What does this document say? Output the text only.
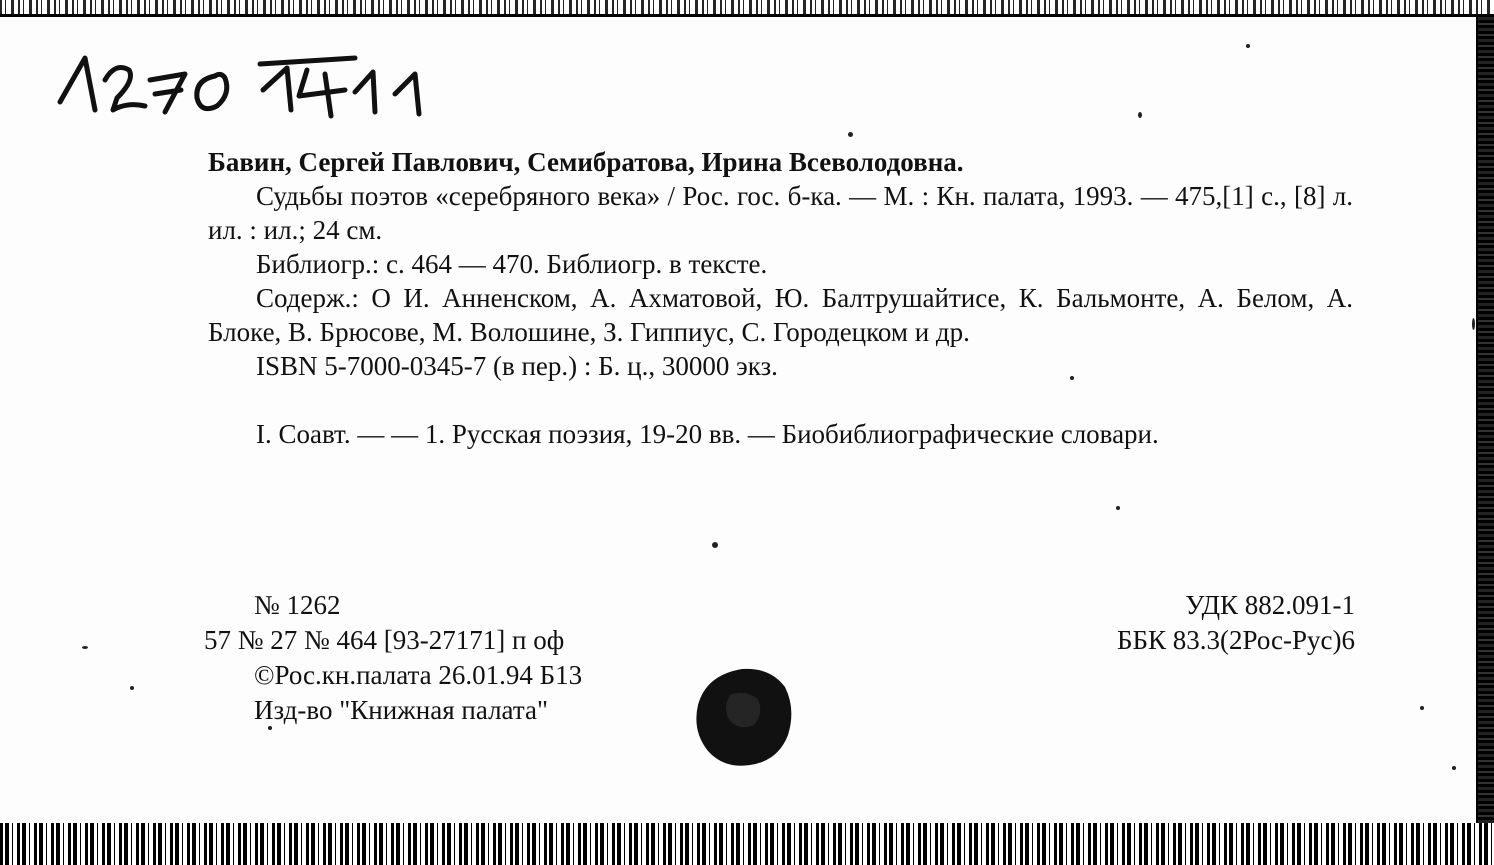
Бавин, Сергей Павлович, Семибратова, Ирина Всеволодовна.

Судьбы поэтов «серебряного века» / Рос. гос. б-ка. — М. : Кн. палата, 1993. — 475,[1] с., [8] л. ил. : ил.; 24 см.

Библиогр.: с. 464 — 470. Библиогр. в тексте.

Содерж.: О И. Анненском, А. Ахматовой, Ю. Балтрушайтисе, К. Бальмонте, А. Белом, А. Блоке, В. Брюсове, М. Волошине, З. Гиппиус, С. Городецком и др.

ISBN 5-7000-0345-7 (в пер.) : Б. ц., 30000 экз.

I. Соавт. — — 1. Русская поэзия, 19-20 вв. — Биобиблиографические словари.

№ 1262
57 № 27 № 464 [93-27171] п оф
©Рос.кн.палата 26.01.94 Б13
Изд-во "Книжная палата"
УДК 882.091-1
ББК 83.3(2Рос-Рус)6
